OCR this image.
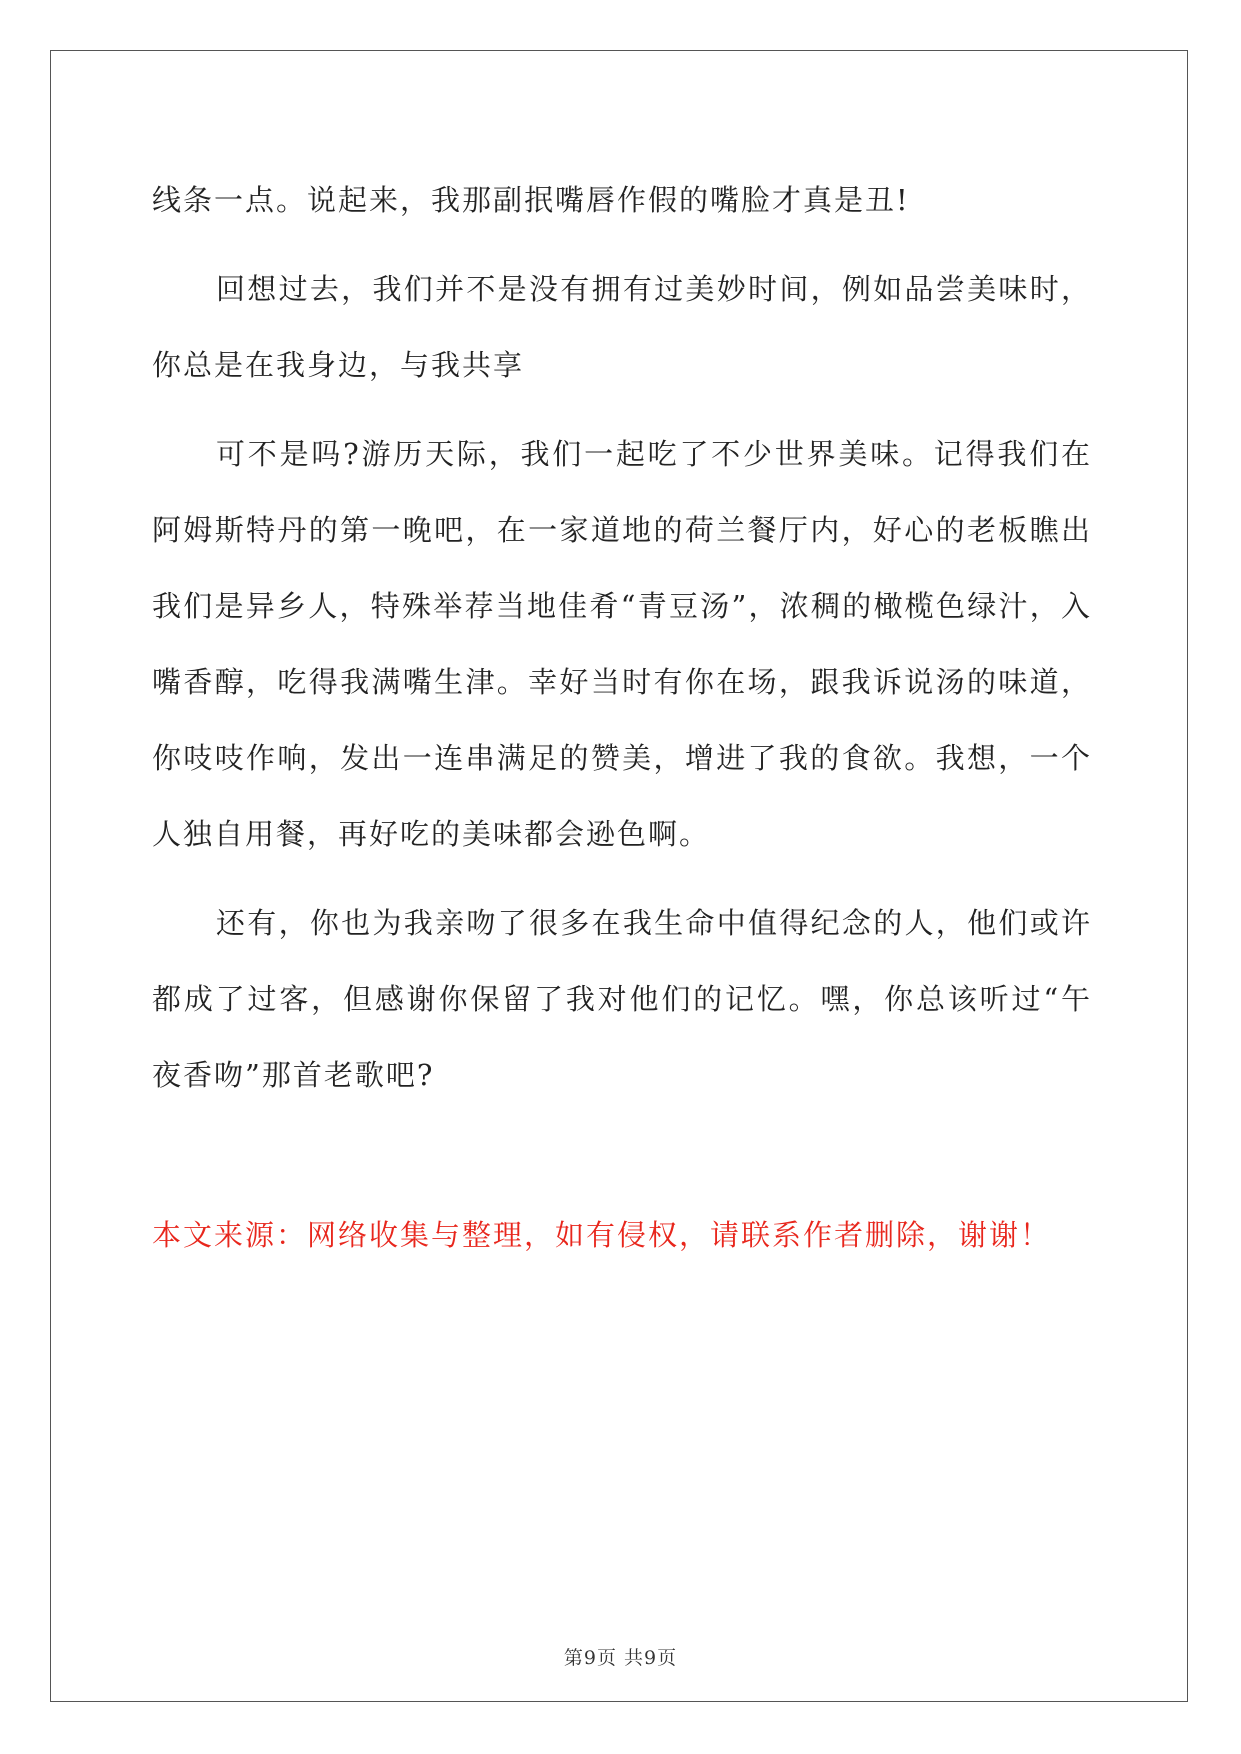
线条一点。说起来，我那副抿嘴唇作假的嘴脸才真是丑!

回想过去，我们并不是没有拥有过美妙时间，例如品尝美味时，你总是在我身边，与我共享

可不是吗?游历天际，我们一起吃了不少世界美味。记得我们在阿姆斯特丹的第一晚吧，在一家道地的荷兰餐厅内，好心的老板瞧出我们是异乡人，特殊举荐当地佳肴“青豆汤”，浓稠的橄榄色绿汁，入嘴香醇，吃得我满嘴生津。幸好当时有你在场，跟我诉说汤的味道，你吱吱作响，发出一连串满足的赞美，增进了我的食欲。我想，一个人独自用餐，再好吃的美味都会逊色啊。

还有，你也为我亲吻了很多在我生命中值得纪念的人，他们或许都成了过客，但感谢你保留了我对他们的记忆。嘿，你总该听过“午夜香吻”那首老歌吧?

本文来源：网络收集与整理，如有侵权，请联系作者删除，谢谢！
第9页 共9页
